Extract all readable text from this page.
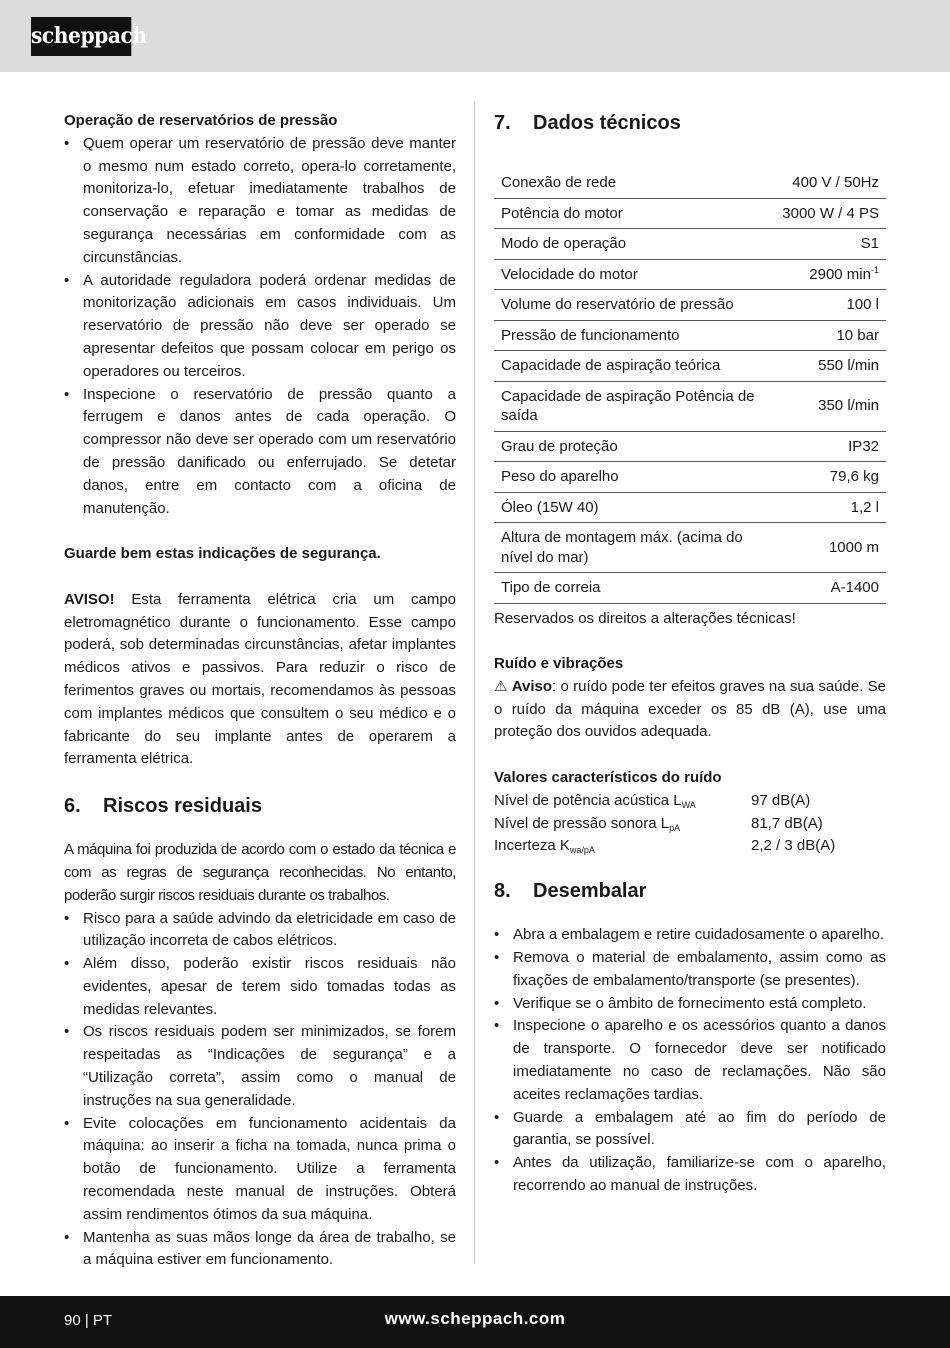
scheppach

Operação de reservatórios de pressão

• Quem operar um reservatório de pressão deve manter o mesmo num estado correto, opera-lo corretamente, monitoriza-lo, efetuar imediatamente trabalhos de conservação e reparação e tomar as medidas de segurança necessárias em conformidade com as circunstâncias.
• A autoridade reguladora poderá ordenar medidas de monitorização adicionais em casos individuais. Um reservatório de pressão não deve ser operado se apresentar defeitos que possam colocar em perigo os operadores ou terceiros.
• Inspecione o reservatório de pressão quanto a ferrugem e danos antes de cada operação. O compressor não deve ser operado com um reservatório de pressão danificado ou enferrujado. Se detetar danos, entre em contacto com a oficina de manutenção.

Guarde bem estas indicações de segurança.

AVISO! Esta ferramenta elétrica cria um campo eletromagnético durante o funcionamento. Esse campo poderá, sob determinadas circunstâncias, afetar implantes médicos ativos e passivos. Para reduzir o risco de ferimentos graves ou mortais, recomendamos às pessoas com implantes médicos que consultem o seu médico e o fabricante do seu implante antes de operarem a ferramenta elétrica.

6.	Riscos residuais

A máquina foi produzida de acordo com o estado da técnica e com as regras de segurança reconhecidas. No entanto, poderão surgir riscos residuais durante os trabalhos.

• Risco para a saúde advindo da eletricidade em caso de utilização incorreta de cabos elétricos.
• Além disso, poderão existir riscos residuais não evidentes, apesar de terem sido tomadas todas as medidas relevantes.
• Os riscos residuais podem ser minimizados, se forem respeitadas as “Indicações de segurança” e a “Utilização correta”, assim como o manual de instruções na sua generalidade.
• Evite colocações em funcionamento acidentais da máquina: ao inserir a ficha na tomada, nunca prima o botão de funcionamento. Utilize a ferramenta recomendada neste manual de instruções. Obterá assim rendimentos ótimos da sua máquina.
• Mantenha as suas mãos longe da área de trabalho, se a máquina estiver em funcionamento.
7.	Dados técnicos
Conexão de rede	400 V / 50Hz
Potência do motor	3000 W / 4 PS
Modo de operação	S1
Velocidade do motor	2900 $\min^{-1}$
Volume do reservatório de pressão	100 l
Pressão de funcionamento	10 bar
Capacidade de aspiração teórica	550 l/min
Capacidade de aspiração Potência de saída	350 l/min
Grau de proteção	IP32
Peso do aparelho	79,6 kg
Óleo (15W 40)	1,2 l
Altura de montagem máx. (acima do nível do mar)	1000 m
Tipo de correia	A-1400

Reservados os direitos a alterações técnicas!

Ruído e vibrações

⚠ Aviso: o ruído pode ter efeitos graves na sua saúde. Se o ruído da máquina exceder os 85 dB (A), use uma proteção dos ouvidos adequada.

Valores característicos do ruído

Nível de potência acústica $L_{WA}$	97 dB(A)
Nível de pressão sonora $L_{pA}$	81,7 dB(A)
Incerteza $K_{wa/pA}$	2,2 / 3 dB(A)
8.	Desembalar
• Abra a embalagem e retire cuidadosamente o aparelho.
• Remova o material de embalamento, assim como as fixações de embalamento/transporte (se presentes).
• Verifique se o âmbito de fornecimento está completo.
• Inspecione o aparelho e os acessórios quanto a danos de transporte. O fornecedor deve ser notificado imediatamente no caso de reclamações. Não são aceites reclamações tardias.
• Guarde a embalagem até ao fim do período de garantia, se possível.
• Antes da utilização, familiarize-se com o aparelho, recorrendo ao manual de instruções.
90 | PT	www.scheppach.com
